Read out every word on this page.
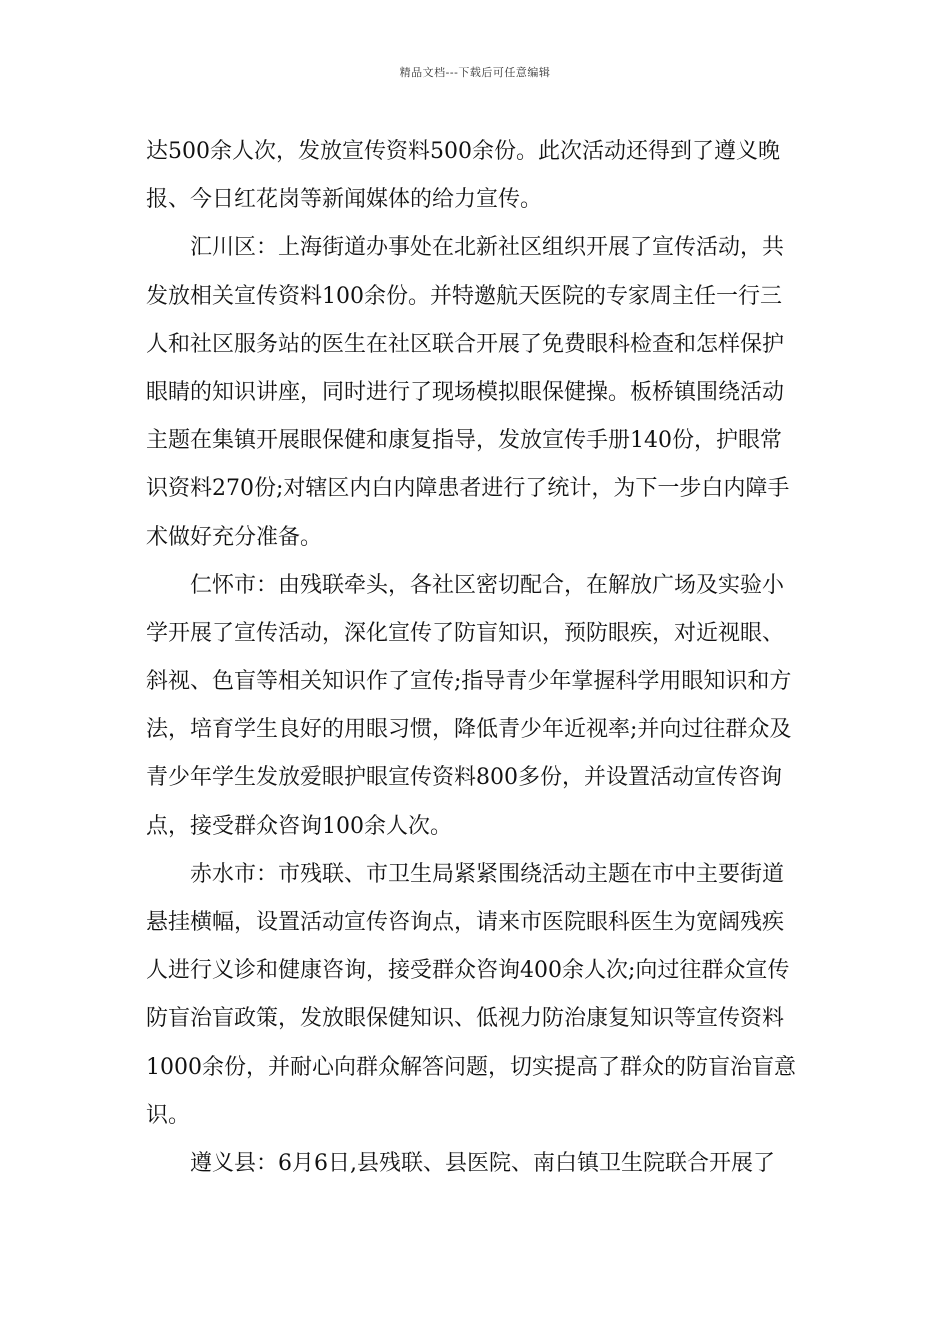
精品文档---下载后可任意编辑
达500余人次，发放宣传资料500余份。此次活动还得到了遵义晚
报、今日红花岗等新闻媒体的给力宣传。
汇川区：上海街道办事处在北新社区组织开展了宣传活动，共
发放相关宣传资料100余份。并特邀航天医院的专家周主任一行三
人和社区服务站的医生在社区联合开展了免费眼科检查和怎样保护
眼睛的知识讲座，同时进行了现场模拟眼保健操。板桥镇围绕活动
主题在集镇开展眼保健和康复指导，发放宣传手册140份，护眼常
识资料270份;对辖区内白内障患者进行了统计，为下一步白内障手
术做好充分准备。
仁怀市：由残联牵头，各社区密切配合，在解放广场及实验小
学开展了宣传活动，深化宣传了防盲知识，预防眼疾，对近视眼、
斜视、色盲等相关知识作了宣传;指导青少年掌握科学用眼知识和方
法，培育学生良好的用眼习惯，降低青少年近视率;并向过往群众及
青少年学生发放爱眼护眼宣传资料800多份，并设置活动宣传咨询
点，接受群众咨询100余人次。
赤水市：市残联、市卫生局紧紧围绕活动主题在市中主要街道
悬挂横幅，设置活动宣传咨询点，请来市医院眼科医生为宽阔残疾
人进行义诊和健康咨询，接受群众咨询400余人次;向过往群众宣传
防盲治盲政策，发放眼保健知识、低视力防治康复知识等宣传资料
1000余份，并耐心向群众解答问题，切实提高了群众的防盲治盲意
识。
遵义县：6月6日,县残联、县医院、南白镇卫生院联合开展了
